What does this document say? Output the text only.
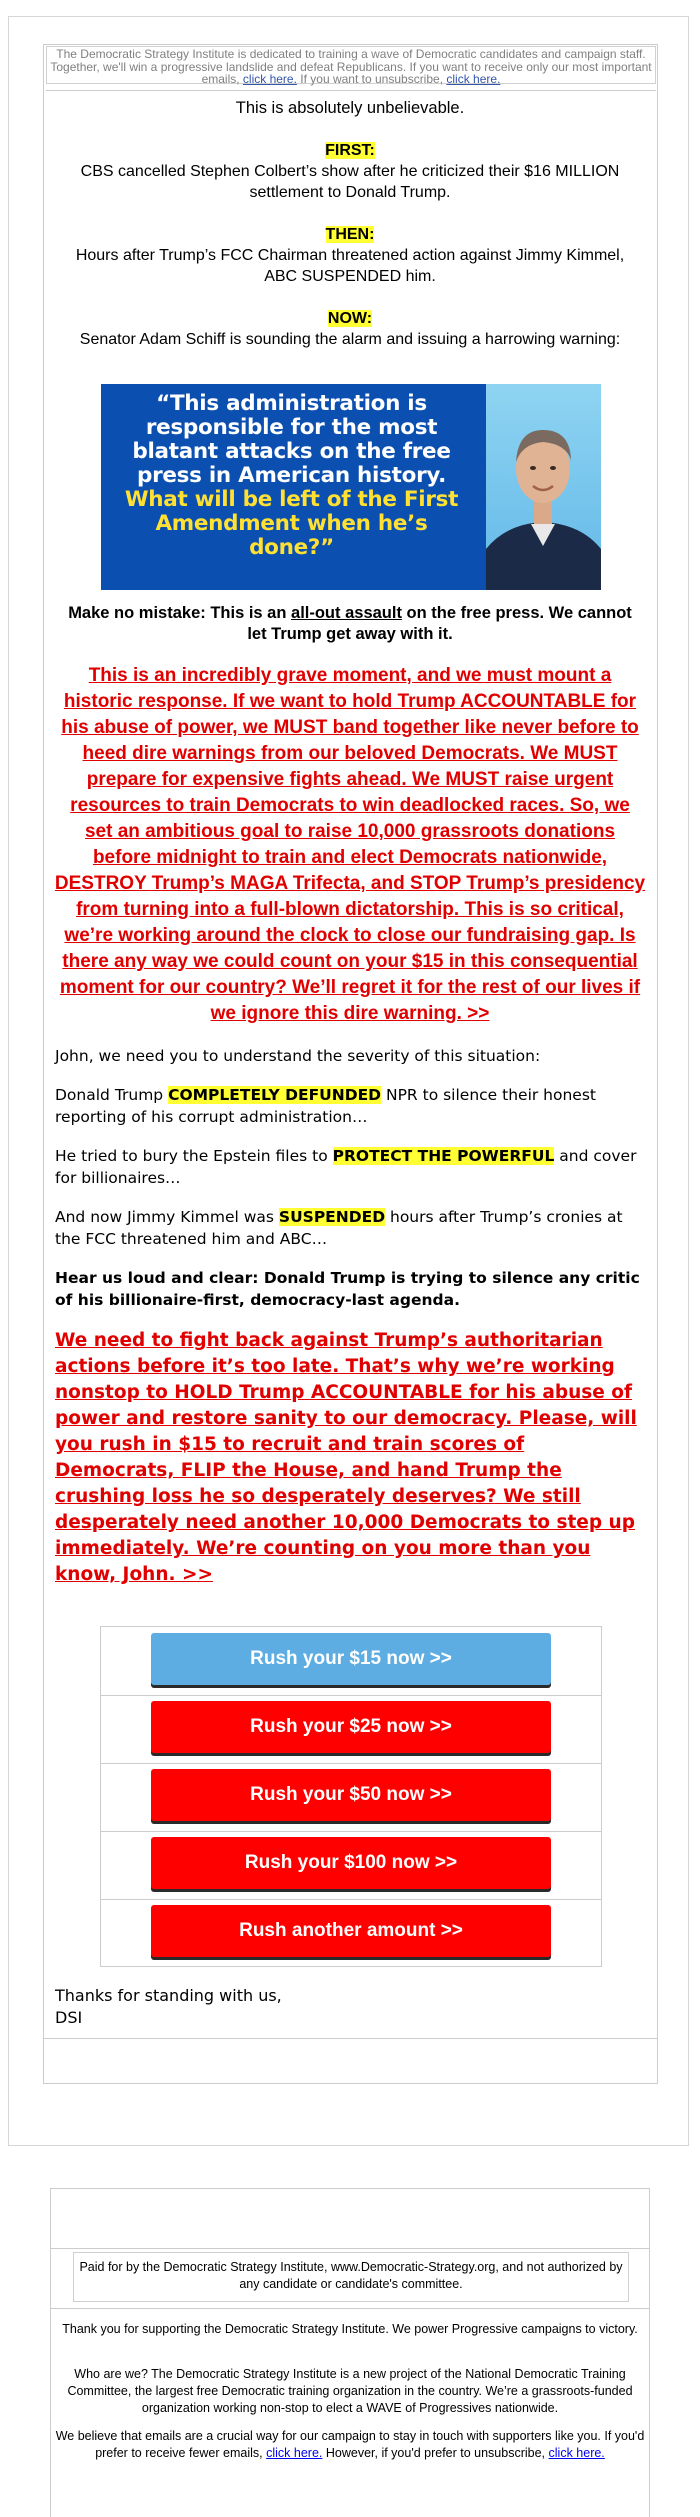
The Democratic Strategy Institute is dedicated to training a wave of Democratic candidates and campaign staff. Together, we'll win a progressive landslide and defeat Republicans. If you want to receive only our most important emails, click here. If you want to unsubscribe, click here.

This is absolutely unbelievable.

FIRST:

CBS cancelled Stephen Colbert’s show after he criticized their $16 MILLION settlement to Donald Trump.

THEN:

Hours after Trump’s FCC Chairman threatened action against Jimmy Kimmel, ABC SUSPENDED him.

NOW:

Senator Adam Schiff is sounding the alarm and issuing a harrowing warning:

“This administration is responsible for the most blatant attacks on the free press in American history. What will be left of the First Amendment when he’s done?”

Make no mistake: This is an all-out assault on the free press. We cannot let Trump get away with it.

This is an incredibly grave moment, and we must mount a historic response. If we want to hold Trump ACCOUNTABLE for his abuse of power, we MUST band together like never before to heed dire warnings from our beloved Democrats. We MUST prepare for expensive fights ahead. We MUST raise urgent resources to train Democrats to win deadlocked races. So, we set an ambitious goal to raise 10,000 grassroots donations before midnight to train and elect Democrats nationwide, DESTROY Trump’s MAGA Trifecta, and STOP Trump’s presidency from turning into a full-blown dictatorship. This is so critical, we’re working around the clock to close our fundraising gap. Is there any way we could count on your $15 in this consequential moment for our country? We’ll regret it for the rest of our lives if we ignore this dire warning. >>

John, we need you to understand the severity of this situation:

Donald Trump COMPLETELY DEFUNDED NPR to silence their honest reporting of his corrupt administration…

He tried to bury the Epstein files to PROTECT THE POWERFUL and cover for billionaires…

And now Jimmy Kimmel was SUSPENDED hours after Trump’s cronies at the FCC threatened him and ABC…

Hear us loud and clear: Donald Trump is trying to silence any critic of his billionaire-first, democracy-last agenda.

We need to fight back against Trump’s authoritarian actions before it’s too late. That’s why we’re working nonstop to HOLD Trump ACCOUNTABLE for his abuse of power and restore sanity to our democracy. Please, will you rush in $15 to recruit and train scores of Democrats, FLIP the House, and hand Trump the crushing loss he so desperately deserves? We still desperately need another 10,000 Democrats to step up immediately. We’re counting on you more than you know, John. >>

Rush your $15 now >>
Rush your $25 now >>
Rush your $50 now >>
Rush your $100 now >>
Rush another amount >>
Thanks for standing with us,
DSI
Paid for by the Democratic Strategy Institute, www.Democratic-Strategy.org, and not authorized by any candidate or candidate's committee.
Thank you for supporting the Democratic Strategy Institute. We power Progressive campaigns to victory.
Who are we? The Democratic Strategy Institute is a new project of the National Democratic Training Committee, the largest free Democratic training organization in the country. We’re a grassroots-funded organization working non-stop to elect a WAVE of Progressives nationwide.
We believe that emails are a crucial way for our campaign to stay in touch with supporters like you. If you'd prefer to receive fewer emails, click here. However, if you'd prefer to unsubscribe, click here.
